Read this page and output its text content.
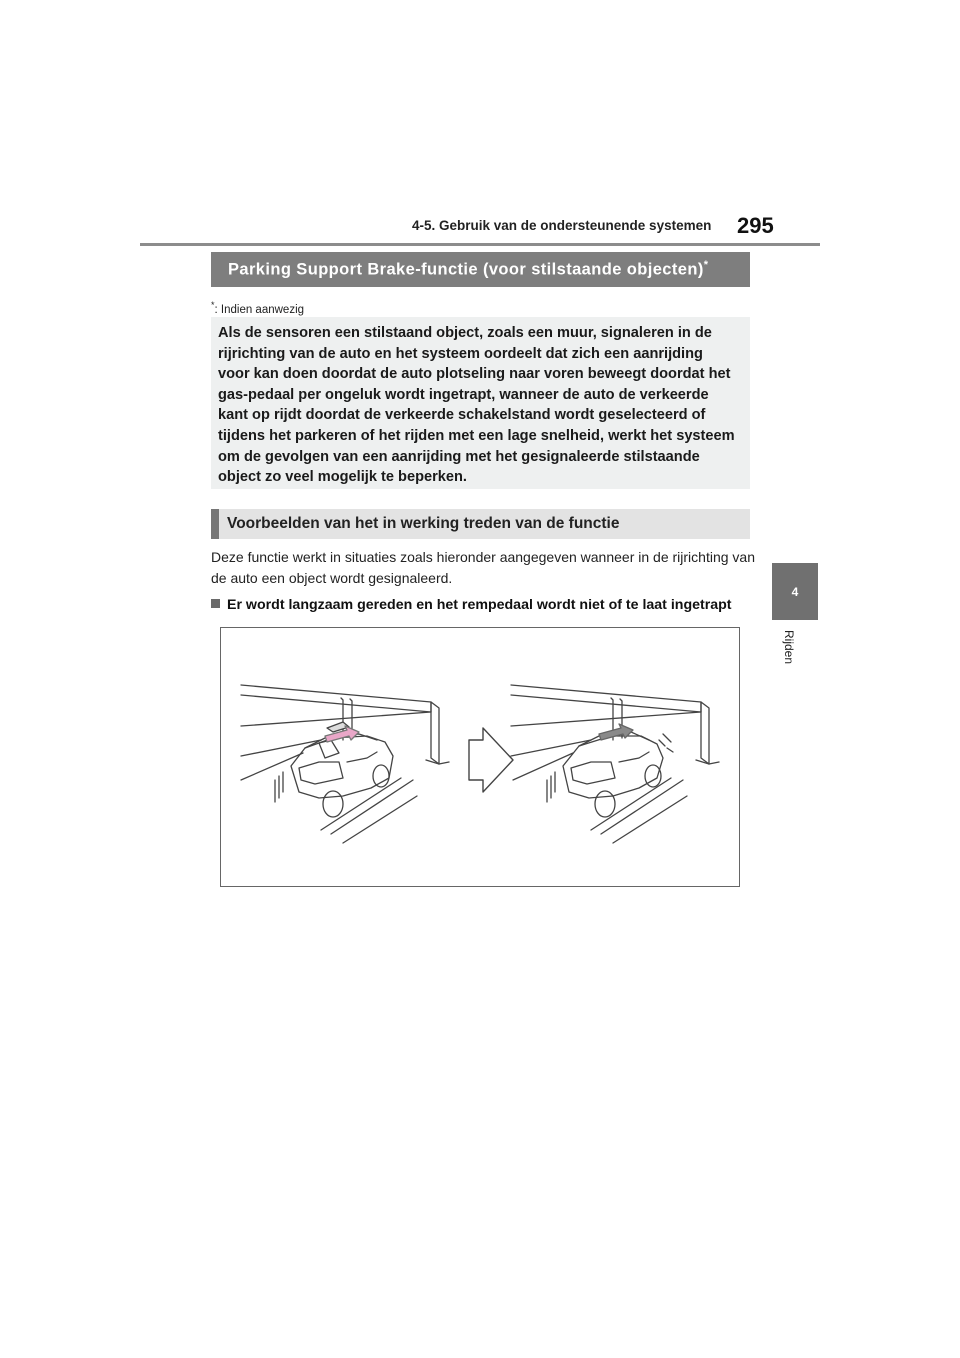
4-5. Gebruik van de ondersteunende systemen 295
4
Rijden
Parking Support Brake-functie (voor stilstaande objecten)*
*: Indien aanwezig
Als de sensoren een stilstaand object, zoals een muur, signaleren in de rijrichting van de auto en het systeem oordeelt dat zich een aanrijding voor kan doen doordat de auto plotseling naar voren beweegt doordat het gas-pedaal per ongeluk wordt ingetrapt, wanneer de auto de verkeerde kant op rijdt doordat de verkeerde schakelstand wordt geselecteerd of tijdens het parkeren of het rijden met een lage snelheid, werkt het systeem om de gevolgen van een aanrijding met het gesignaleerde stilstaande object zo veel mogelijk te beperken.
Voorbeelden van het in werking treden van de functie
Deze functie werkt in situaties zoals hieronder aangegeven wanneer in de rijrichting van de auto een object wordt gesignaleerd.
Er wordt langzaam gereden en het rempedaal wordt niet of te laat ingetrapt
